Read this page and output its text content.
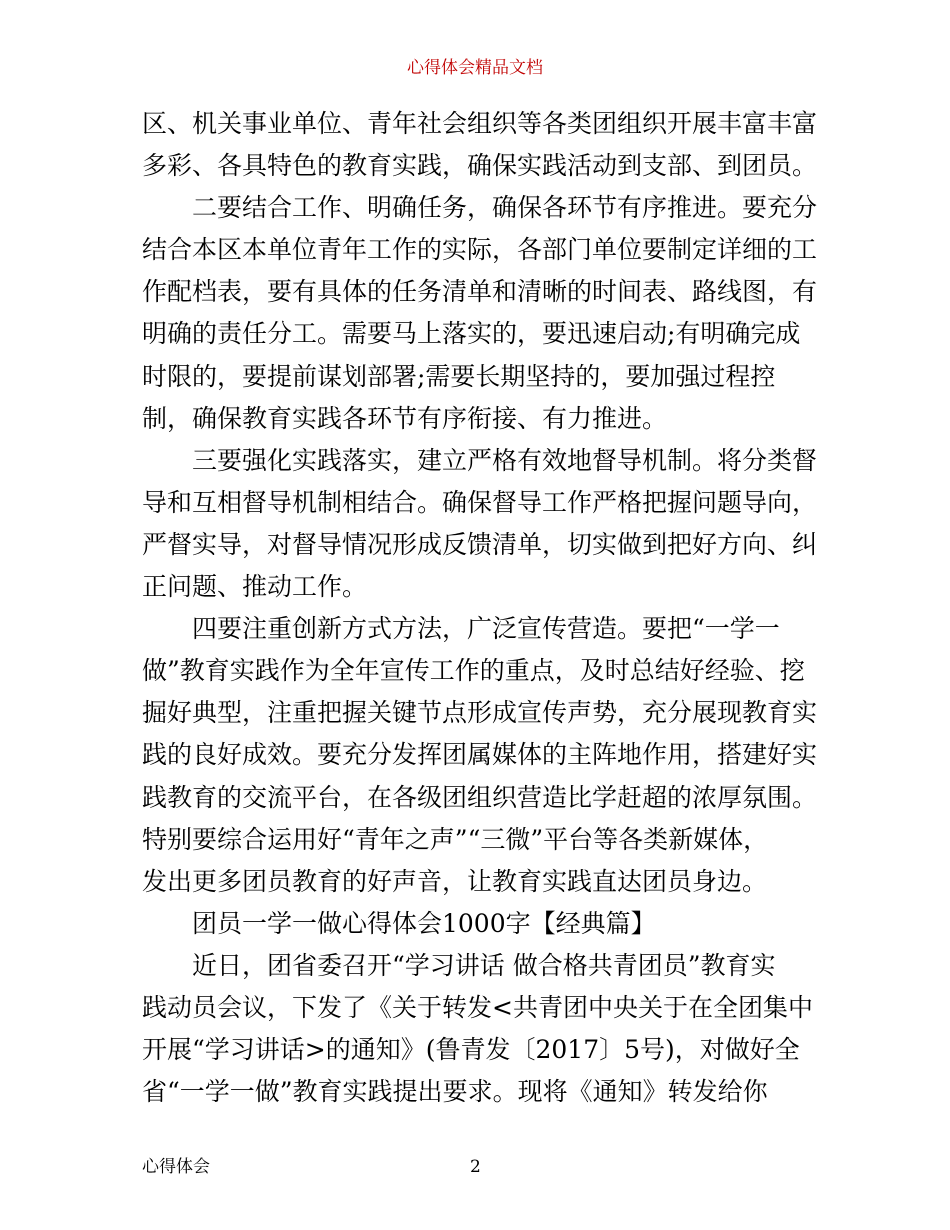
心得体会精品文档
区、机关事业单位、青年社会组织等各类团组织开展丰富丰富
多彩、各具特色的教育实践，确保实践活动到支部、到团员。
二要结合工作、明确任务，确保各环节有序推进。要充分
结合本区本单位青年工作的实际，各部门单位要制定详细的工
作配档表，要有具体的任务清单和清晰的时间表、路线图，有
明确的责任分工。需要马上落实的，要迅速启动;有明确完成
时限的，要提前谋划部署;需要长期坚持的，要加强过程控
制，确保教育实践各环节有序衔接、有力推进。
三要强化实践落实，建立严格有效地督导机制。将分类督
导和互相督导机制相结合。确保督导工作严格把握问题导向，
严督实导，对督导情况形成反馈清单，切实做到把好方向、纠
正问题、推动工作。
四要注重创新方式方法，广泛宣传营造。要把“一学一
做”教育实践作为全年宣传工作的重点，及时总结好经验、挖
掘好典型，注重把握关键节点形成宣传声势，充分展现教育实
践的良好成效。要充分发挥团属媒体的主阵地作用，搭建好实
践教育的交流平台，在各级团组织营造比学赶超的浓厚氛围。
特别要综合运用好“青年之声”“三微”平台等各类新媒体，
发出更多团员教育的好声音，让教育实践直达团员身边。
团员一学一做心得体会1000字【经典篇】
近日，团省委召开“学习讲话 做合格共青团员”教育实
践动员会议，下发了《关于转发<共青团中央关于在全团集中
开展“学习讲话>的通知》(鲁青发〔2017〕5号)，对做好全
省“一学一做”教育实践提出要求。现将《通知》转发给你
心得体会	2
